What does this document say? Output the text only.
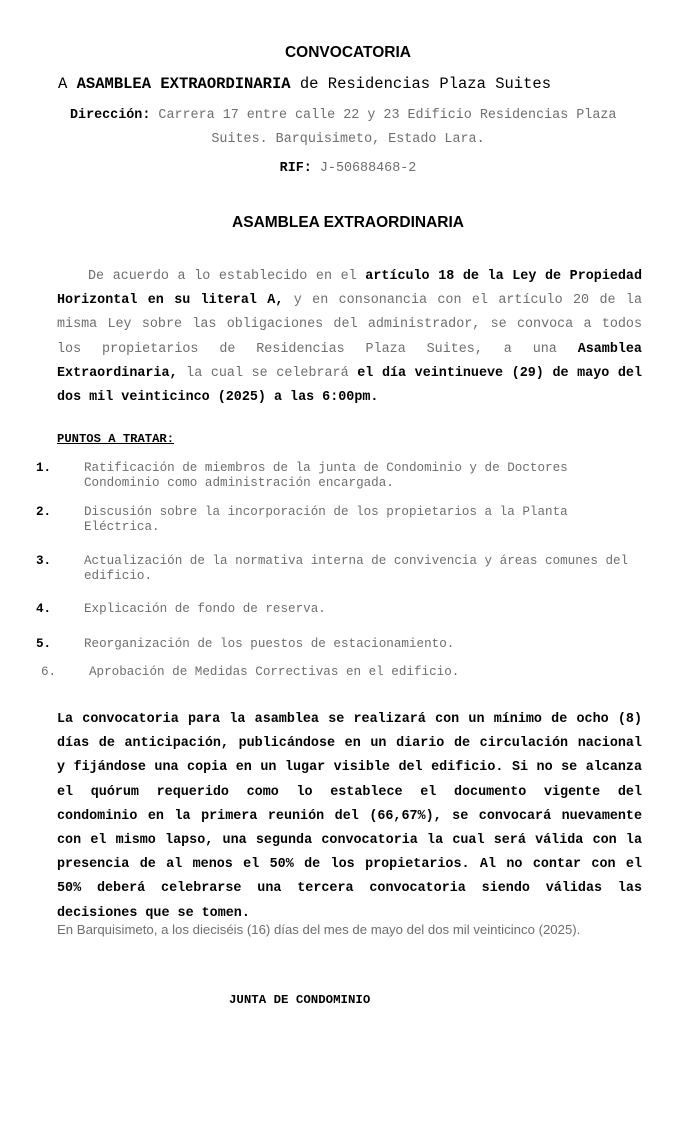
CONVOCATORIA
A ASAMBLEA EXTRAORDINARIA de Residencias Plaza Suites
Dirección: Carrera 17 entre calle 22 y 23 Edificio Residencias Plaza
Suites. Barquisimeto, Estado Lara.
RIF: J-50688468-2
ASAMBLEA EXTRAORDINARIA
De acuerdo a lo establecido en el artículo 18 de la Ley de Propiedad Horizontal en su literal A, y en consonancia con el artículo 20 de la misma Ley sobre las obligaciones del administrador, se convoca a todos los propietarios de Residencias Plaza Suites, a una Asamblea Extraordinaria, la cual se celebrará el día veintinueve (29) de mayo del dos mil veinticinco (2025) a las 6:00pm.
PUNTOS A TRATAR:
1.	Ratificación de miembros de la junta de Condominio y de Doctores Condominio como administración encargada.
2.	Discusión sobre la incorporación de los propietarios a la Planta Eléctrica.
3.	Actualización de la normativa interna de convivencia y áreas comunes del edificio.
4.	Explicación de fondo de reserva.
5.	Reorganización de los puestos de estacionamiento.
6.	Aprobación de Medidas Correctivas en el edificio.
La convocatoria para la asamblea se realizará con un mínimo de ocho (8) días de anticipación, publicándose en un diario de circulación nacional y fijándose una copia en un lugar visible del edificio. Si no se alcanza el quórum requerido como lo establece el documento vigente del condominio en la primera reunión del (66,67%), se convocará nuevamente con el mismo lapso, una segunda convocatoria la cual será válida con la presencia de al menos el 50% de los propietarios. Al no contar con el 50% deberá celebrarse una tercera convocatoria siendo válidas las decisiones que se tomen.
En Barquisimeto, a los dieciséis (16) días del mes de mayo del dos mil veinticinco (2025).
JUNTA DE CONDOMINIO
